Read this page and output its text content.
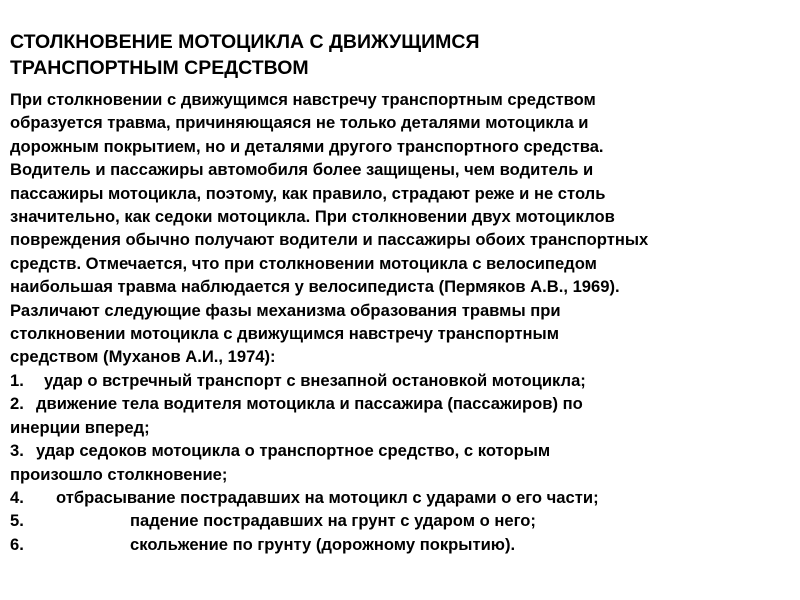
СТОЛКНОВЕНИЕ МОТОЦИКЛА С ДВИЖУЩИМСЯ
ТРАНСПОРТНЫМ СРЕДСТВОМ
При столкновении с движущимся навстречу транспортным средством
образуется травма, причиняющаяся не только деталями мотоцикла и
дорожным покрытием, но и деталями другого транспортного средства.
Водитель и пассажиры автомобиля более защищены, чем водитель и
пассажиры мотоцикла, поэтому, как правило, страдают реже и не столь
значительно, как седоки мотоцикла. При столкновении двух мотоциклов
повреждения обычно получают водители и пассажиры обоих транспортных
средств. Отмечается, что при столкновении мотоцикла с велосипедом
наибольшая травма наблюдается у велосипедиста (Пермяков А.В., 1969).
Различают следующие фазы механизма образования травмы при
столкновении мотоцикла с движущимся навстречу транспортным
средством (Муханов А.И., 1974):
1. удар о встречный транспорт с внезапной остановкой мотоцикла;
2. движение тела водителя мотоцикла и пассажира (пассажиров) по
инерции вперед;
3. удар седоков мотоцикла о транспортное средство, с которым
произошло столкновение;
4. отбрасывание пострадавших на мотоцикл с ударами о его части;
5.	падение пострадавших на грунт с ударом о него;
6.	скольжение по грунту (дорожному покрытию).
